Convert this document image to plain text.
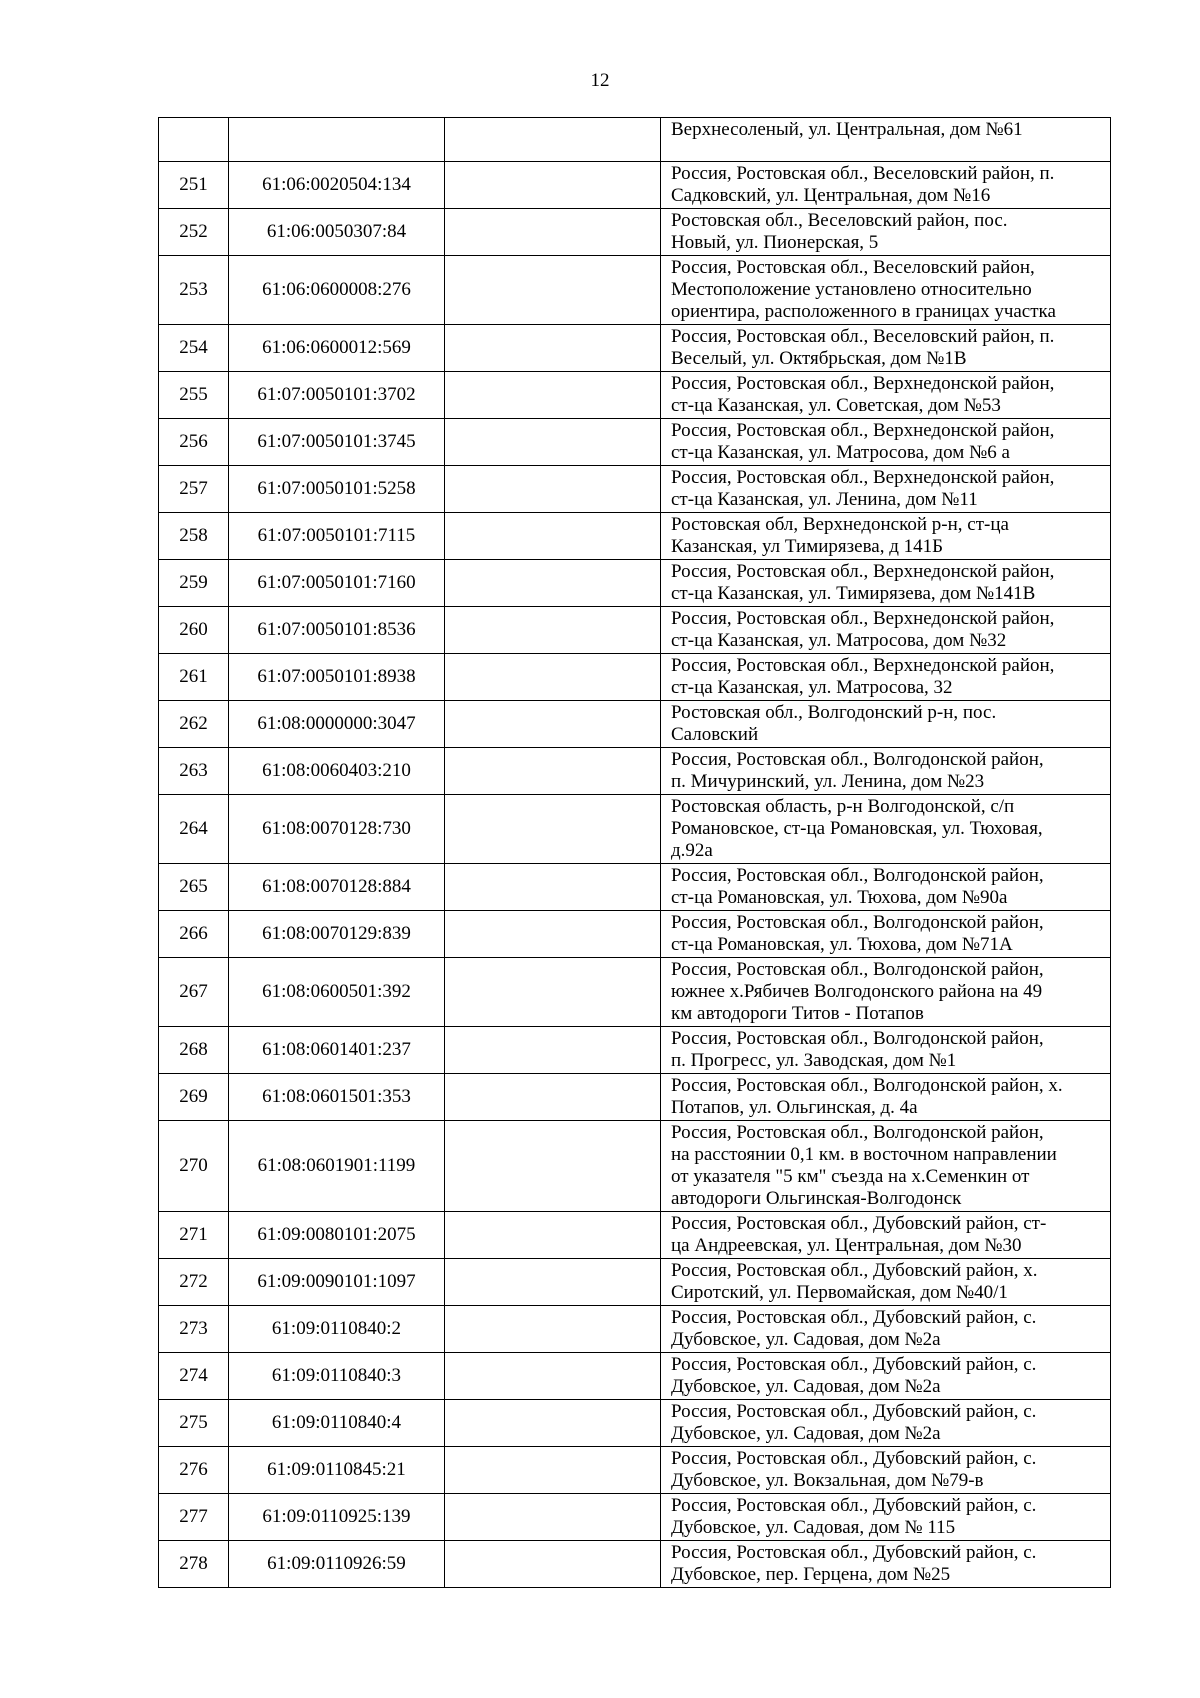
12
			Верхнесоленый, ул. Центральная, дом №61
251	61:06:0020504:134		Россия, Ростовская обл., Веселовский район, п.
Садковский, ул. Центральная, дом №16
252	61:06:0050307:84		Ростовская обл., Веселовский район, пос.
Новый, ул. Пионерская, 5
253	61:06:0600008:276		Россия, Ростовская обл., Веселовский район,
Местоположение установлено относительно
ориентира, расположенного в границах участка
254	61:06:0600012:569		Россия, Ростовская обл., Веселовский район, п.
Веселый, ул. Октябрьская, дом №1В
255	61:07:0050101:3702		Россия, Ростовская обл., Верхнедонской район,
ст-ца Казанская, ул. Советская, дом №53
256	61:07:0050101:3745		Россия, Ростовская обл., Верхнедонской район,
ст-ца Казанская, ул. Матросова, дом №6 а
257	61:07:0050101:5258		Россия, Ростовская обл., Верхнедонской район,
ст-ца Казанская, ул. Ленина, дом №11
258	61:07:0050101:7115		Ростовская обл, Верхнедонской р-н, ст-ца
Казанская, ул Тимирязева, д 141Б
259	61:07:0050101:7160		Россия, Ростовская обл., Верхнедонской район,
ст-ца Казанская, ул. Тимирязева, дом №141В
260	61:07:0050101:8536		Россия, Ростовская обл., Верхнедонской район,
ст-ца Казанская, ул. Матросова, дом №32
261	61:07:0050101:8938		Россия, Ростовская обл., Верхнедонской район,
ст-ца Казанская, ул. Матросова, 32
262	61:08:0000000:3047		Ростовская обл., Волгодонский р-н, пос.
Саловский
263	61:08:0060403:210		Россия, Ростовская обл., Волгодонской район,
п. Мичуринский, ул. Ленина, дом №23
264	61:08:0070128:730		Ростовская область, р-н Волгодонской, с/п
Романовское, ст-ца Романовская, ул. Тюховая,
д.92а
265	61:08:0070128:884		Россия, Ростовская обл., Волгодонской район,
ст-ца Романовская, ул. Тюхова, дом №90а
266	61:08:0070129:839		Россия, Ростовская обл., Волгодонской район,
ст-ца Романовская, ул. Тюхова, дом №71А
267	61:08:0600501:392		Россия, Ростовская обл., Волгодонской район,
южнее х.Рябичев Волгодонского района на 49
км автодороги Титов - Потапов
268	61:08:0601401:237		Россия, Ростовская обл., Волгодонской район,
п. Прогресс, ул. Заводская, дом №1
269	61:08:0601501:353		Россия, Ростовская обл., Волгодонской район, х.
Потапов, ул. Ольгинская, д. 4а
270	61:08:0601901:1199		Россия, Ростовская обл., Волгодонской район,
на расстоянии 0,1 км. в восточном направлении
от указателя "5 км" съезда на х.Семенкин от
автодороги Ольгинская-Волгодонск
271	61:09:0080101:2075		Россия, Ростовская обл., Дубовский район, ст-
ца Андреевская, ул. Центральная, дом №30
272	61:09:0090101:1097		Россия, Ростовская обл., Дубовский район, х.
Сиротский, ул. Первомайская, дом №40/1
273	61:09:0110840:2		Россия, Ростовская обл., Дубовский район, с.
Дубовское, ул. Садовая, дом №2а
274	61:09:0110840:3		Россия, Ростовская обл., Дубовский район, с.
Дубовское, ул. Садовая, дом №2а
275	61:09:0110840:4		Россия, Ростовская обл., Дубовский район, с.
Дубовское, ул. Садовая, дом №2а
276	61:09:0110845:21		Россия, Ростовская обл., Дубовский район, с.
Дубовское, ул. Вокзальная, дом №79-в
277	61:09:0110925:139		Россия, Ростовская обл., Дубовский район, с.
Дубовское, ул. Садовая, дом № 115
278	61:09:0110926:59		Россия, Ростовская обл., Дубовский район, с.
Дубовское, пер. Герцена, дом №25
